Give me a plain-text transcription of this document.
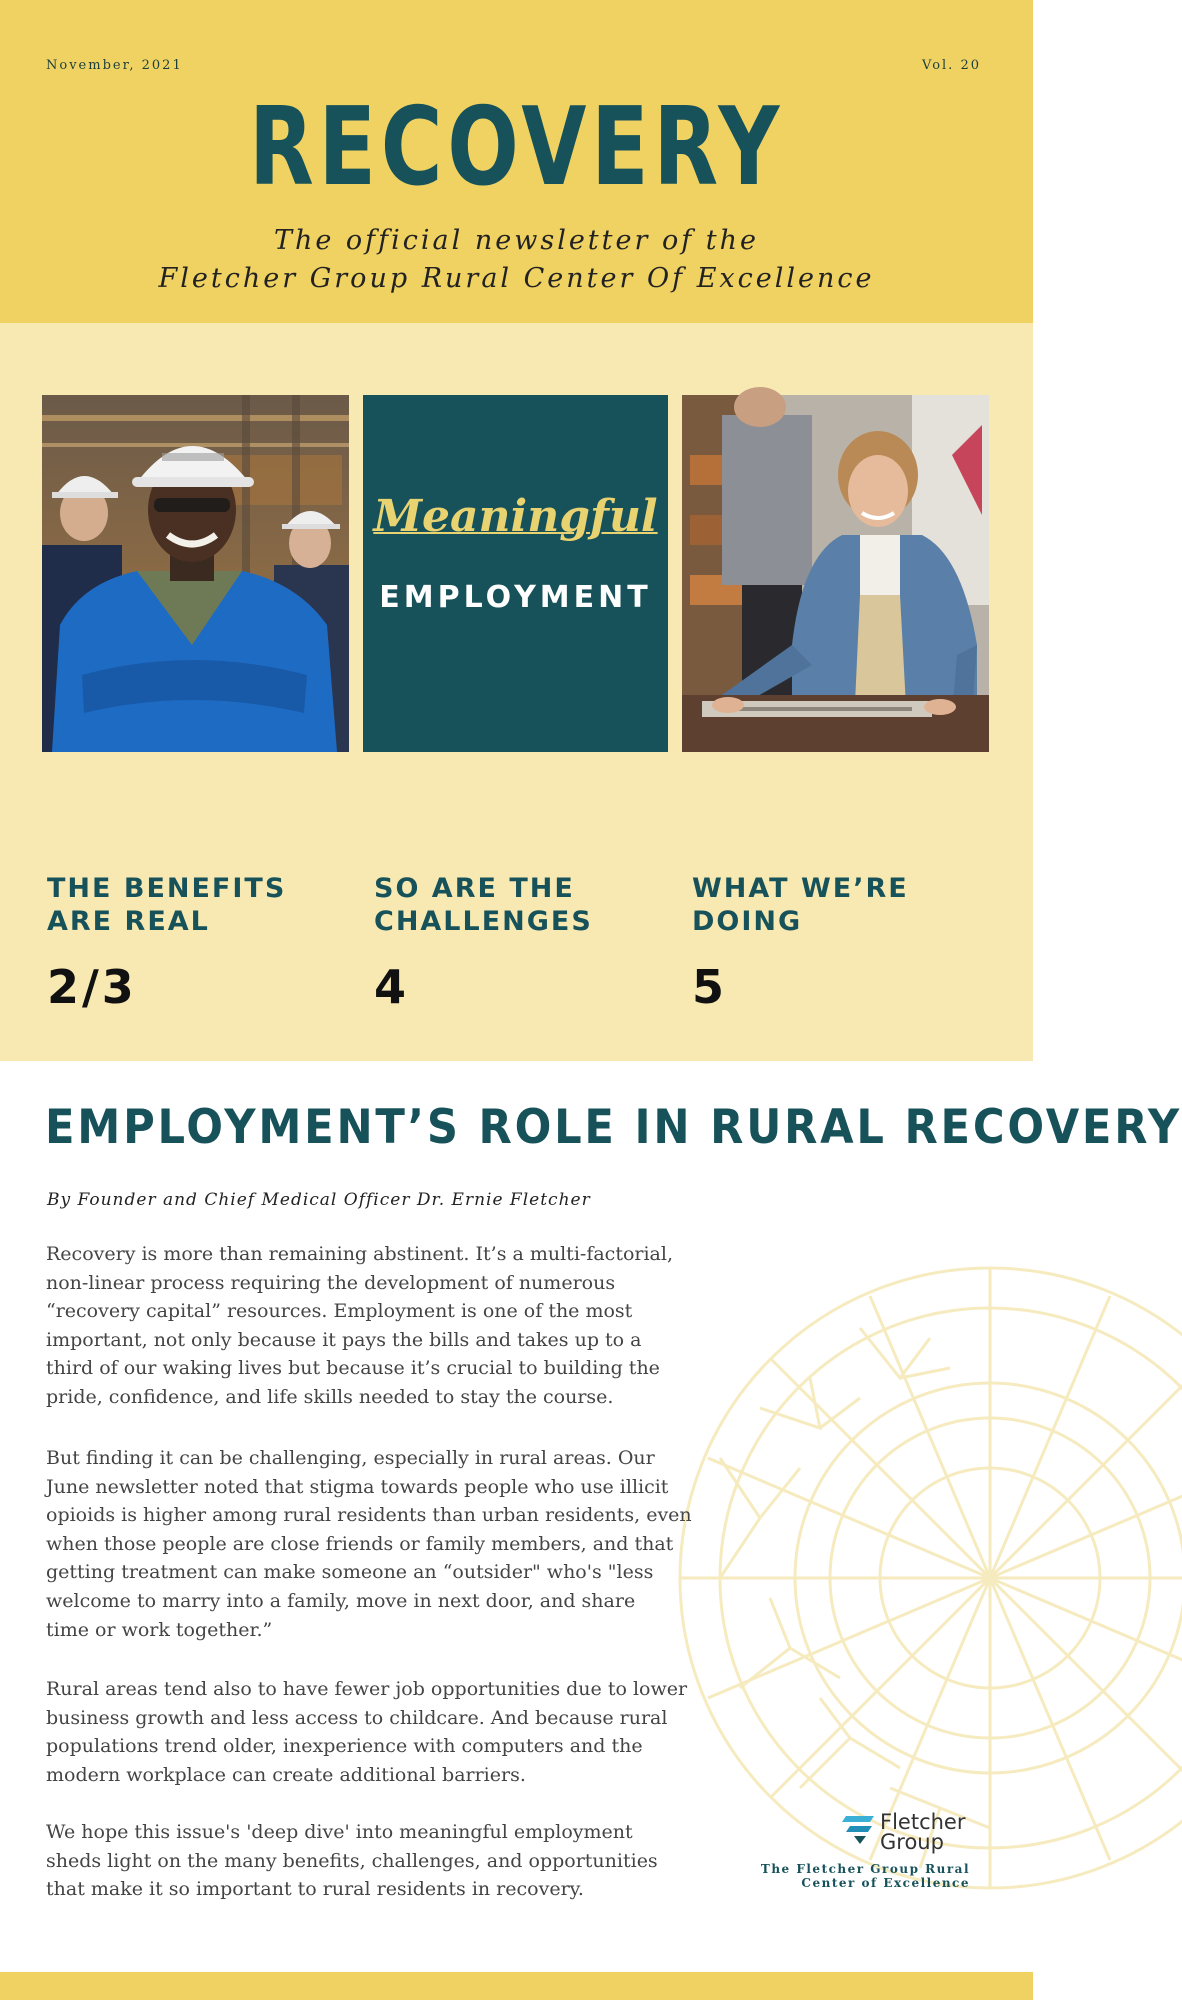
November, 2021	Vol. 20
RECOVERY
The official newsletter of the
Fletcher Group Rural Center Of Excellence
Meaningful
EMPLOYMENT
THE BENEFITS
ARE REAL
2/3
SO ARE THE
CHALLENGES
4
WHAT WE’RE
DOING
5
EMPLOYMENT’S ROLE IN RURAL RECOVERY
By Founder and Chief Medical Officer Dr. Ernie Fletcher

Recovery is more than remaining abstinent. It’s a multi-factorial,
non-linear process requiring the development of numerous
“recovery capital” resources. Employment is one of the most
important, not only because it pays the bills and takes up to a
third of our waking lives but because it’s crucial to building the
pride, confidence, and life skills needed to stay the course.

But finding it can be challenging, especially in rural areas. Our
June newsletter noted that stigma towards people who use illicit
opioids is higher among rural residents than urban residents, even
when those people are close friends or family members, and that
getting treatment can make someone an “outsider" who's "less
welcome to marry into a family, move in next door, and share
time or work together.”

Rural areas tend also to have fewer job opportunities due to lower
business growth and less access to childcare. And because rural
populations trend older, inexperience with computers and the
modern workplace can create additional barriers.

We hope this issue's 'deep dive' into meaningful employment
sheds light on the many benefits, challenges, and opportunities
that make it so important to rural residents in recovery.

Fletcher
Group
The Fletcher Group Rural
Center of Excellence
